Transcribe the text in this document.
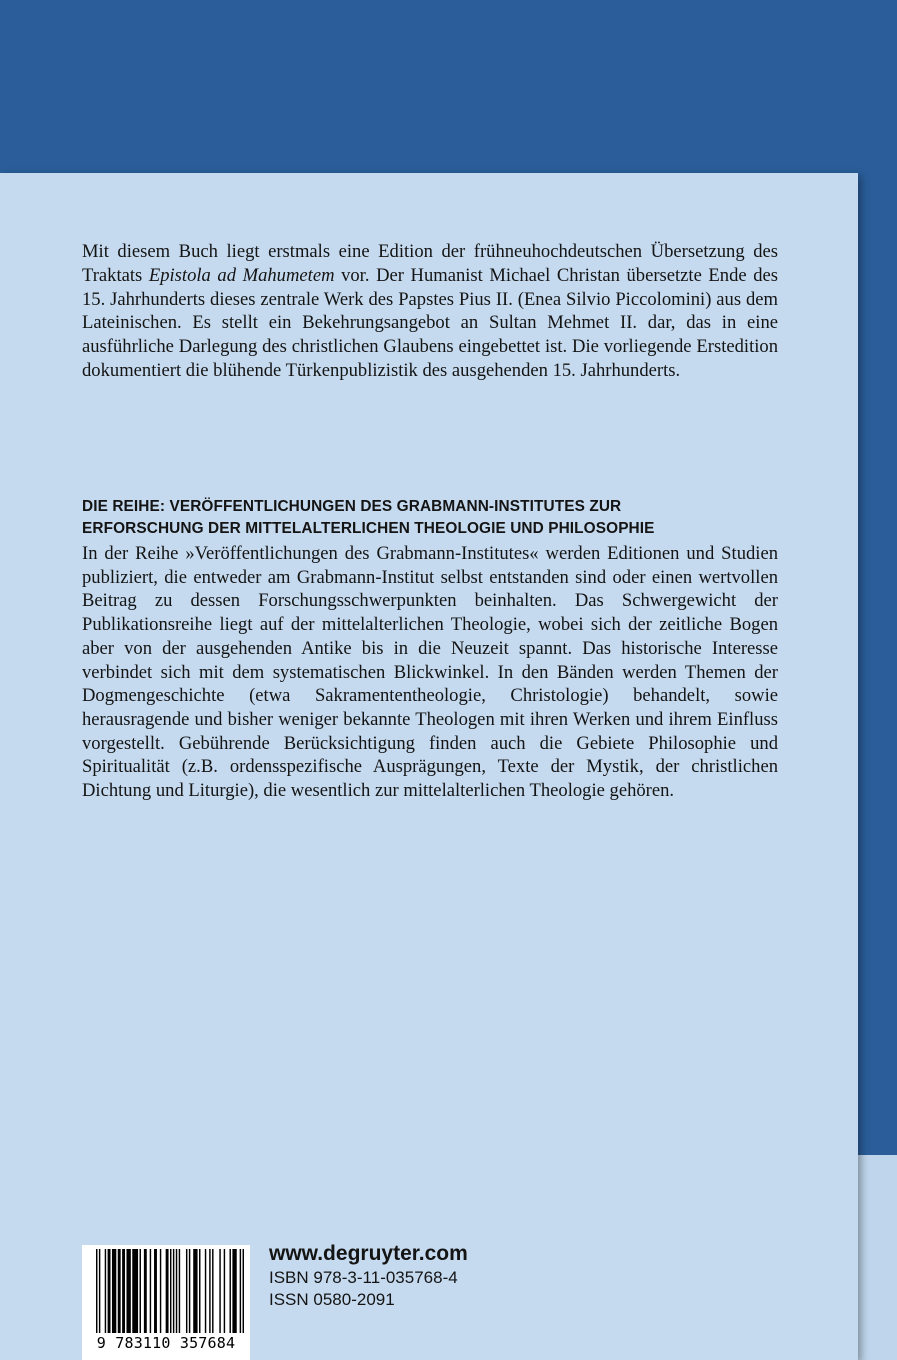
Mit diesem Buch liegt erstmals eine Edition der frühneuhochdeutschen Übersetzung des Traktats Epistola ad Mahumetem vor. Der Humanist Michael Christan übersetzte Ende des 15. Jahrhunderts dieses zentrale Werk des Papstes Pius II. (Enea Silvio Piccolomini) aus dem Lateinischen. Es stellt ein Bekehrungsangebot an Sultan Mehmet II. dar, das in eine ausführliche Darlegung des christlichen Glaubens eingebettet ist. Die vorliegende Erstedition dokumentiert die blühende Türkenpublizistik des ausgehenden 15. Jahrhunderts.

DIE REIHE: VERÖFFENTLICHUNGEN DES GRABMANN-INSTITUTES ZUR
ERFORSCHUNG DER MITTELALTERLICHEN THEOLOGIE UND PHILOSOPHIE

In der Reihe »Veröffentlichungen des Grabmann-Institutes« werden Editionen und Studien publiziert, die entweder am Grabmann-Institut selbst entstanden sind oder einen wertvollen Beitrag zu dessen Forschungsschwerpunkten beinhalten. Das Schwergewicht der Publikationsreihe liegt auf der mittelalterlichen Theologie, wobei sich der zeitliche Bogen aber von der ausgehenden Antike bis in die Neuzeit spannt. Das historische Interesse verbindet sich mit dem systematischen Blickwinkel. In den Bänden werden Themen der Dogmengeschichte (etwa Sakramententheologie, Christologie) behandelt, sowie herausragende und bisher weniger bekannte Theologen mit ihren Werken und ihrem Einfluss vorgestellt. Gebührende Berücksichtigung finden auch die Gebiete Philosophie und Spiritualität (z.B. ordensspezifische Ausprägungen, Texte der Mystik, der christlichen Dichtung und Liturgie), die wesentlich zur mittelalterlichen Theologie gehören.

9 783110 357684
www.degruyter.com
ISBN 978-3-11-035768-4
ISSN 0580-2091
